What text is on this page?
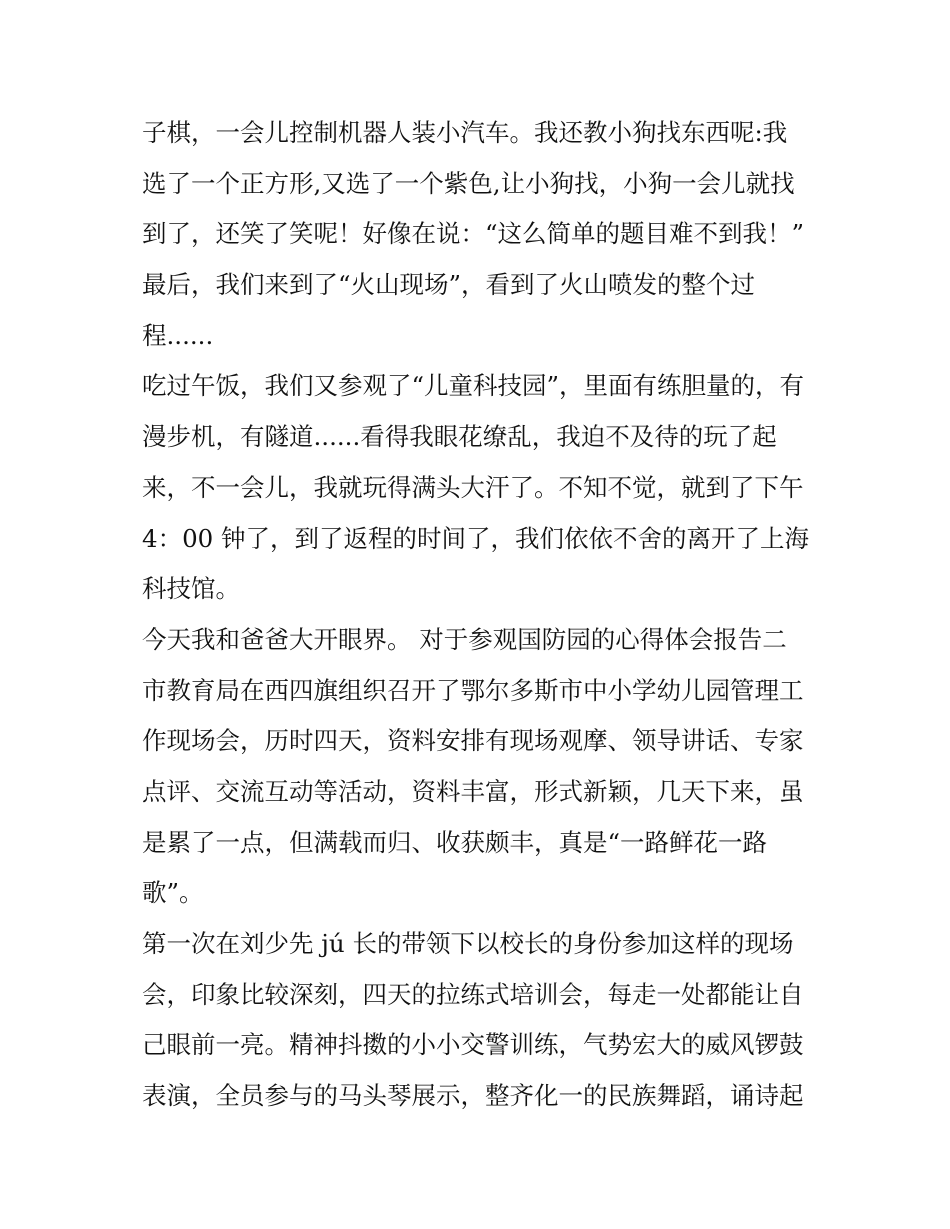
子棋，一会儿控制机器人装小汽车。我还教小狗找东西呢:我
选了一个正方形,又选了一个紫色,让小狗找，小狗一会儿就找
到了，还笑了笑呢！好像在说：“这么简单的题目难不到我！”
最后，我们来到了“火山现场”，看到了火山喷发的整个过
程......
吃过午饭，我们又参观了“儿童科技园”，里面有练胆量的，有
漫步机，有隧道......看得我眼花缭乱，我迫不及待的玩了起
来，不一会儿，我就玩得满头大汗了。不知不觉，就到了下午
4：00 钟了，到了返程的时间了，我们依依不舍的离开了上海
科技馆。
今天我和爸爸大开眼界。 对于参观国防园的心得体会报告二
市教育局在西四旗组织召开了鄂尔多斯市中小学幼儿园管理工
作现场会，历时四天，资料安排有现场观摩、领导讲话、专家
点评、交流互动等活动，资料丰富，形式新颖，几天下来，虽
是累了一点，但满载而归、收获颇丰，真是“一路鲜花一路
歌”。
第一次在刘少先 jú 长的带领下以校长的身份参加这样的现场
会，印象比较深刻，四天的拉练式培训会，每走一处都能让自
己眼前一亮。精神抖擞的小小交警训练，气势宏大的威风锣鼓
表演，全员参与的马头琴展示，整齐化一的民族舞蹈，诵诗起
